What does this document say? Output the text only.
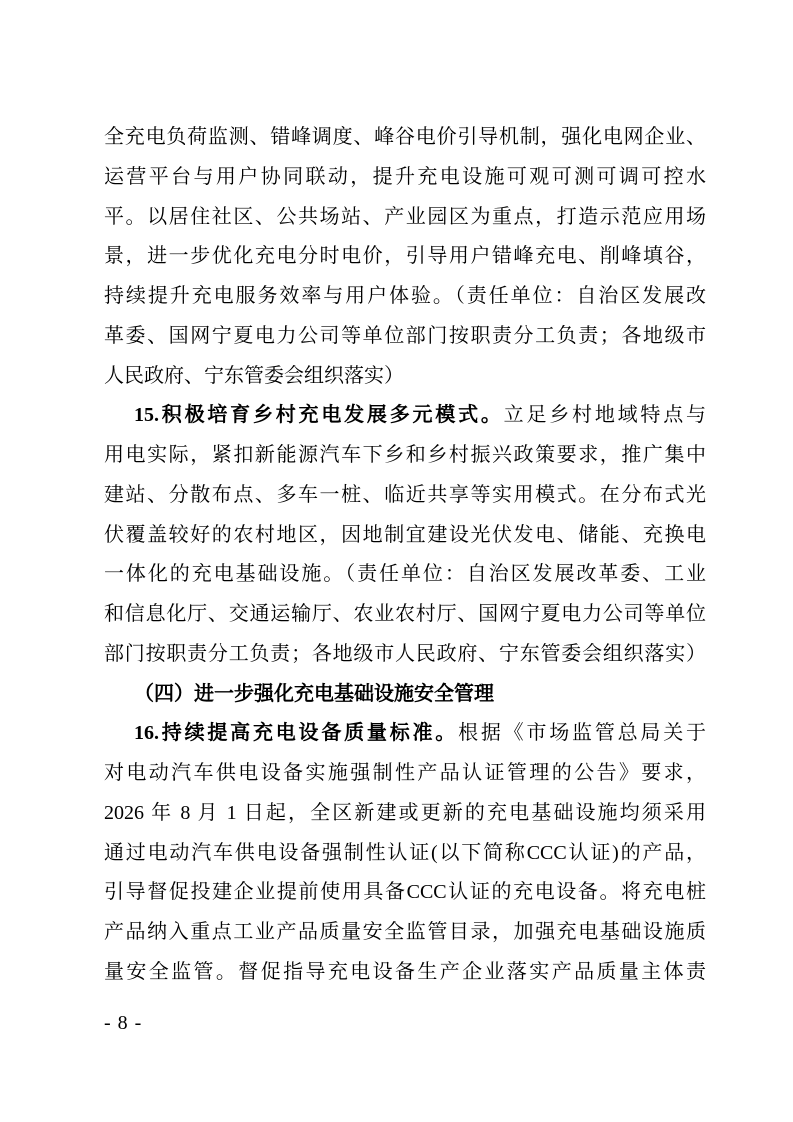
全充电负荷监测、错峰调度、峰谷电价引导机制，强化电网企业、
运营平台与用户协同联动，提升充电设施可观可测可调可控水
平。以居住社区、公共场站、产业园区为重点，打造示范应用场
景，进一步优化充电分时电价，引导用户错峰充电、削峰填谷，
持续提升充电服务效率与用户体验。（责任单位：自治区发展改
革委、国网宁夏电力公司等单位部门按职责分工负责；各地级市
人民政府、宁东管委会组织落实）
15.积极培育乡村充电发展多元模式。立足乡村地域特点与
用电实际，紧扣新能源汽车下乡和乡村振兴政策要求，推广集中
建站、分散布点、多车一桩、临近共享等实用模式。在分布式光
伏覆盖较好的农村地区，因地制宜建设光伏发电、储能、充换电
一体化的充电基础设施。（责任单位：自治区发展改革委、工业
和信息化厅、交通运输厅、农业农村厅、国网宁夏电力公司等单位
部门按职责分工负责；各地级市人民政府、宁东管委会组织落实）
（四）进一步强化充电基础设施安全管理
16.持续提高充电设备质量标准。根据《市场监管总局关于
对电动汽车供电设备实施强制性产品认证管理的公告》要求，
2026 年 8 月 1 日起，全区新建或更新的充电基础设施均须采用
通过电动汽车供电设备强制性认证(以下简称CCC认证)的产品，
引导督促投建企业提前使用具备CCC认证的充电设备。将充电桩
产品纳入重点工业产品质量安全监管目录，加强充电基础设施质
量安全监管。督促指导充电设备生产企业落实产品质量主体责
- 8 -
